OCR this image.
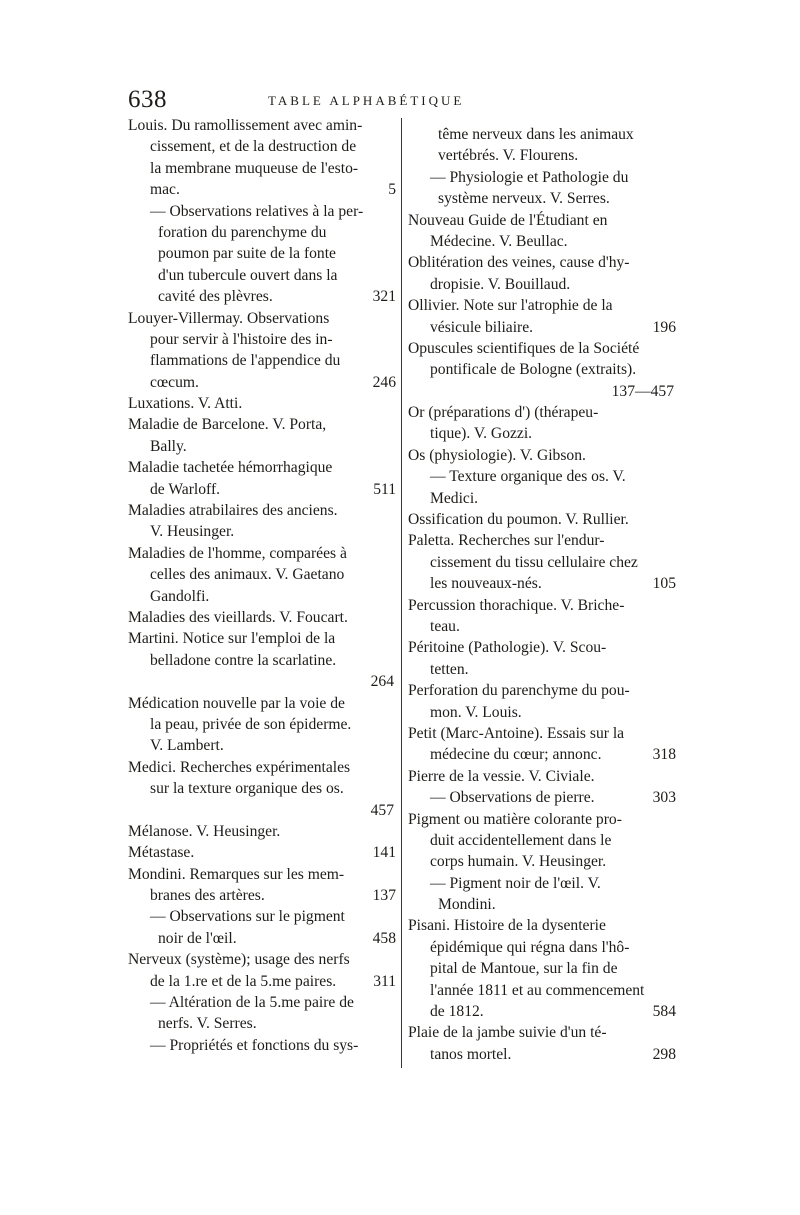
638	TABLE ALPHABÉTIQUE
Louis. Du ramollissement avec amin-
cissement, et de la destruction de
la membrane muqueuse de l'esto-
5
mac.
— Observations relatives à la per-
foration du parenchyme du
poumon par suite de la fonte
d'un tubercule ouvert dans la
321
cavité des plèvres.
Louyer-Villermay. Observations
pour servir à l'histoire des in-
flammations de l'appendice du
246
cœcum.
Luxations. V. Atti.
Maladie de Barcelone. V. Porta,
Bally.
Maladie tachetée hémorrhagique
511
de Warloff.
Maladies atrabilaires des anciens.
V. Heusinger.
Maladies de l'homme, comparées à
celles des animaux. V. Gaetano
Gandolfi.
Maladies des vieillards. V. Foucart.
Martini. Notice sur l'emploi de la
belladone contre la scarlatine.
264
Médication nouvelle par la voie de
la peau, privée de son épiderme.
V. Lambert.
Medici. Recherches expérimentales
sur la texture organique des os.
457
Mélanose. V. Heusinger.
141
Métastase.
Mondini. Remarques sur les mem-
137
branes des artères.
— Observations sur le pigment
458
noir de l'œil.
Nerveux (système); usage des nerfs
311
de la 1.re et de la 5.me paires.
— Altération de la 5.me paire de
nerfs. V. Serres.
— Propriétés et fonctions du sys-
tême nerveux dans les animaux
vertébrés. V. Flourens.
— Physiologie et Pathologie du
système nerveux. V. Serres.
Nouveau Guide de l'Étudiant en
Médecine. V. Beullac.
Oblitération des veines, cause d'hy-
dropisie. V. Bouillaud.
Ollivier. Note sur l'atrophie de la
196
vésicule biliaire.
Opuscules scientifiques de la Société
pontificale de Bologne (extraits).
137—457
Or (préparations d') (thérapeu-
tique). V. Gozzi.
Os (physiologie). V. Gibson.
— Texture organique des os. V.
Medici.
Ossification du poumon. V. Rullier.
Paletta. Recherches sur l'endur-
cissement du tissu cellulaire chez
105
les nouveaux-nés.
Percussion thorachique. V. Briche-
teau.
Péritoine (Pathologie). V. Scou-
tetten.
Perforation du parenchyme du pou-
mon. V. Louis.
Petit (Marc-Antoine). Essais sur la
318
médecine du cœur; annonc.
Pierre de la vessie. V. Civiale.
303
— Observations de pierre.
Pigment ou matière colorante pro-
duit accidentellement dans le
corps humain. V. Heusinger.
— Pigment noir de l'œil. V.
Mondini.
Pisani. Histoire de la dysenterie
épidémique qui régna dans l'hô-
pital de Mantoue, sur la fin de
l'année 1811 et au commencement
584
de 1812.
Plaie de la jambe suivie d'un té-
298
tanos mortel.
